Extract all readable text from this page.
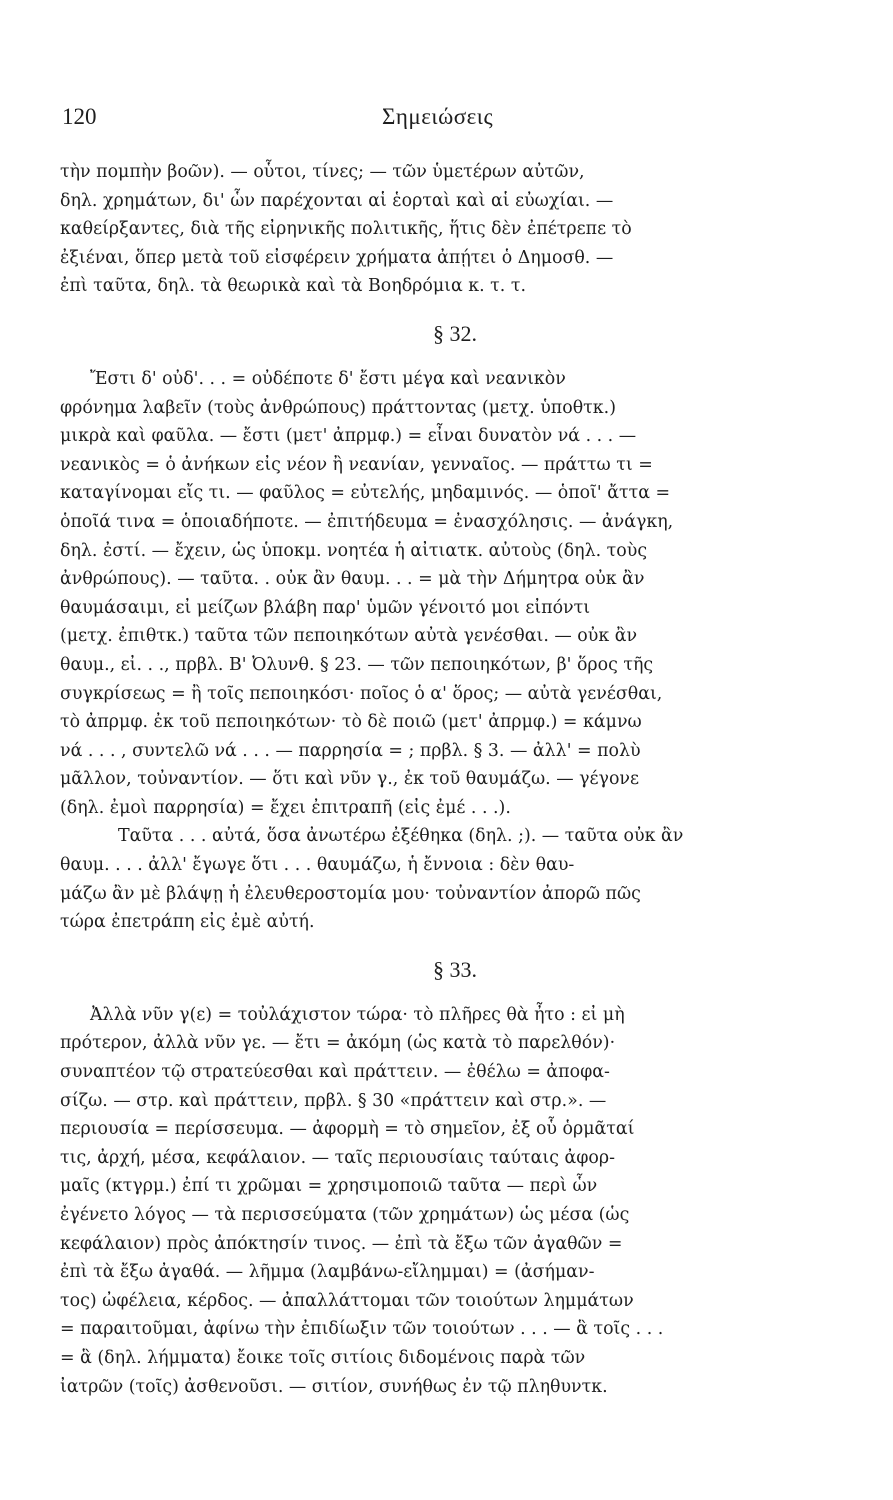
120	Σημειώσεις
τὴν πομπὴν βοῶν). — οὗτοι, τίνες; — τῶν ὑμετέρων αὐτῶν,
δηλ. χρημάτων, δι' ὧν παρέχονται αἱ ἑορταὶ καὶ αἱ εὐωχίαι. —
καθείρξαντες, διὰ τῆς εἰρηνικῆς πολιτικῆς, ἥτις δὲν ἐπέτρεπε τὸ
ἐξιέναι, ὅπερ μετὰ τοῦ εἰσφέρειν χρήματα ἀπῄτει ὁ Δημοσθ. —
ἐπὶ ταῦτα, δηλ. τὰ θεωρικὰ καὶ τὰ Βοηδρόμια κ. τ. τ.
§ 32.
Ἔστι δ' οὐδ'. . . = οὐδέποτε δ' ἔστι μέγα καὶ νεανικὸν
φρόνημα λαβεῖν (τοὺς ἀνθρώπους) πράττοντας (μετχ. ὑποθτκ.)
μικρὰ καὶ φαῦλα. — ἔστι (μετ' ἀπρμφ.) = εἶναι δυνατὸν νά . . . —
νεανικὸς = ὁ ἀνήκων εἰς νέον ἢ νεανίαν, γενναῖος. — πράττω τι =
καταγίνομαι εἴς τι. — φαῦλος = εὐτελής, μηδαμινός. — ὁποῖ' ἄττα =
ὁποῖά τινα = ὁποιαδήποτε. — ἐπιτήδευμα = ἐνασχόλησις. — ἀνάγκη,
δηλ. ἐστί. — ἔχειν, ὡς ὑποκμ. νοητέα ἡ αἰτιατκ. αὐτοὺς (δηλ. τοὺς
ἀνθρώπους). — ταῦτα. . οὐκ ἂν θαυμ. . . = μὰ τὴν Δήμητρα οὐκ ἂν
θαυμάσαιμι, εἰ μείζων βλάβη παρ' ὑμῶν γένοιτό μοι εἰπόντι
(μετχ. ἐπιθτκ.) ταῦτα τῶν πεποιηκότων αὐτὰ γενέσθαι. — οὐκ ἂν
θαυμ., εἰ. . ., πρβλ. Β' Ὀλυνθ. § 23. — τῶν πεποιηκότων, β' ὅρος τῆς
συγκρίσεως = ἢ τοῖς πεποιηκόσι· ποῖος ὁ α' ὅρος; — αὐτὰ γενέσθαι,
τὸ ἀπρμφ. ἐκ τοῦ πεποιηκότων· τὸ δὲ ποιῶ (μετ' ἀπρμφ.) = κάμνω
νά . . . , συντελῶ νά . . . — παρρησία = ; πρβλ. § 3. — ἀλλ' = πολὺ
μᾶλλον, τοὐναντίον. — ὅτι καὶ νῦν γ., ἐκ τοῦ θαυμάζω. — γέγονε
(δηλ. ἐμοὶ παρρησία) = ἔχει ἐπιτραπῆ (εἰς ἐμέ . . .).
Ταῦτα . . . αὐτά, ὅσα ἀνωτέρω ἐξέθηκα (δηλ. ;). — ταῦτα οὐκ ἂν
θαυμ. . . . ἀλλ' ἔγωγε ὅτι . . . θαυμάζω, ἡ ἔννοια : δὲν θαυ-
μάζω ἂν μὲ βλάψῃ ἡ ἐλευθεροστομία μου· τοὐναντίον ἀπορῶ πῶς
τώρα ἐπετράπη εἰς ἐμὲ αὐτή.
§ 33.
Ἀλλὰ νῦν γ(ε) = τοὐλάχιστον τώρα· τὸ πλῆρες θὰ ἦτο : εἰ μὴ
πρότερον, ἀλλὰ νῦν γε. — ἔτι = ἀκόμη (ὡς κατὰ τὸ παρελθόν)·
συναπτέον τῷ στρατεύεσθαι καὶ πράττειν. — ἐθέλω = ἀποφα-
σίζω. — στρ. καὶ πράττειν, πρβλ. § 30 «πράττειν καὶ στρ.». —
περιουσία = περίσσευμα. — ἀφορμὴ = τὸ σημεῖον, ἐξ οὗ ὁρμᾶταί
τις, ἀρχή, μέσα, κεφάλαιον. — ταῖς περιουσίαις ταύταις ἀφορ-
μαῖς (κτγρμ.) ἐπί τι χρῶμαι = χρησιμοποιῶ ταῦτα — περὶ ὧν
ἐγένετο λόγος — τὰ περισσεύματα (τῶν χρημάτων) ὡς μέσα (ὡς
κεφάλαιον) πρὸς ἀπόκτησίν τινος. — ἐπὶ τὰ ἔξω τῶν ἀγαθῶν =
ἐπὶ τὰ ἔξω ἀγαθά. — λῆμμα (λαμβάνω-εἴλημμαι) = (ἀσήμαν-
τος) ὠφέλεια, κέρδος. — ἀπαλλάττομαι τῶν τοιούτων λημμάτων
= παραιτοῦμαι, ἀφίνω τὴν ἐπιδίωξιν τῶν τοιούτων . . . — ἃ τοῖς . . .
= ἃ (δηλ. λήμματα) ἔοικε τοῖς σιτίοις διδομένοις παρὰ τῶν
ἰατρῶν (τοῖς) ἀσθενοῦσι. — σιτίον, συνήθως ἐν τῷ πληθυντκ.
